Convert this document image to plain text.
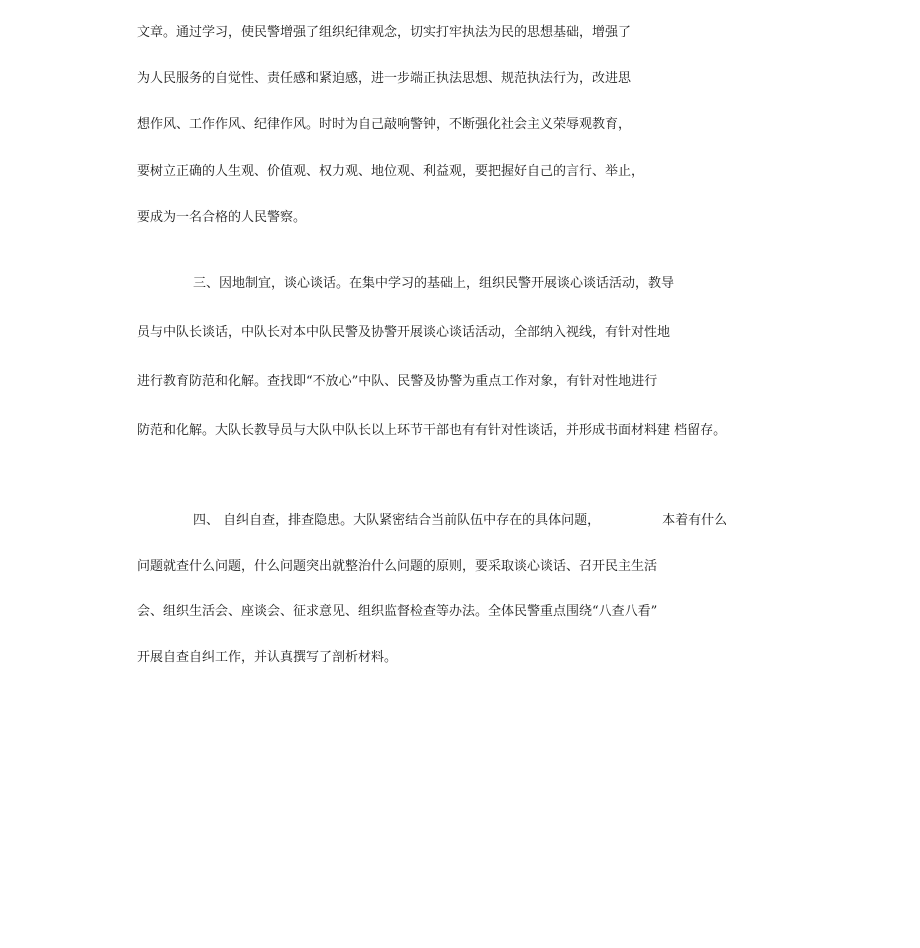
文章。通过学习，使民警增强了组织纪律观念，切实打牢执法为民的思想基础，增强了
为人民服务的自觉性、责任感和紧迫感，进一步端正执法思想、规范执法行为，改进思
想作风、工作作风、纪律作风。时时为自己敲响警钟，不断强化社会主义荣辱观教育，
要树立正确的人生观、价值观、权力观、地位观、利益观，要把握好自己的言行、举止，
要成为一名合格的人民警察。
三、因地制宜，谈心谈话。在集中学习的基础上，组织民警开展谈心谈话活动，教导
员与中队长谈话，中队长对本中队民警及协警开展谈心谈话活动，全部纳入视线，有针对性地
进行教育防范和化解。查找即“不放心”中队、民警及协警为重点工作对象，有针对性地进行
防范和化解。大队长教导员与大队中队长以上环节干部也有有针对性谈话，并形成书面材料建 档留存。
四、 自纠自查，排查隐患。大队紧密结合当前队伍中存在的具体问题，	本着有什么
问题就查什么问题，什么问题突出就整治什么问题的原则，要采取谈心谈话、召开民主生活
会、组织生活会、座谈会、征求意见、组织监督检查等办法。全体民警重点围绕“八查八看”
开展自查自纠工作，并认真撰写了剖析材料。
